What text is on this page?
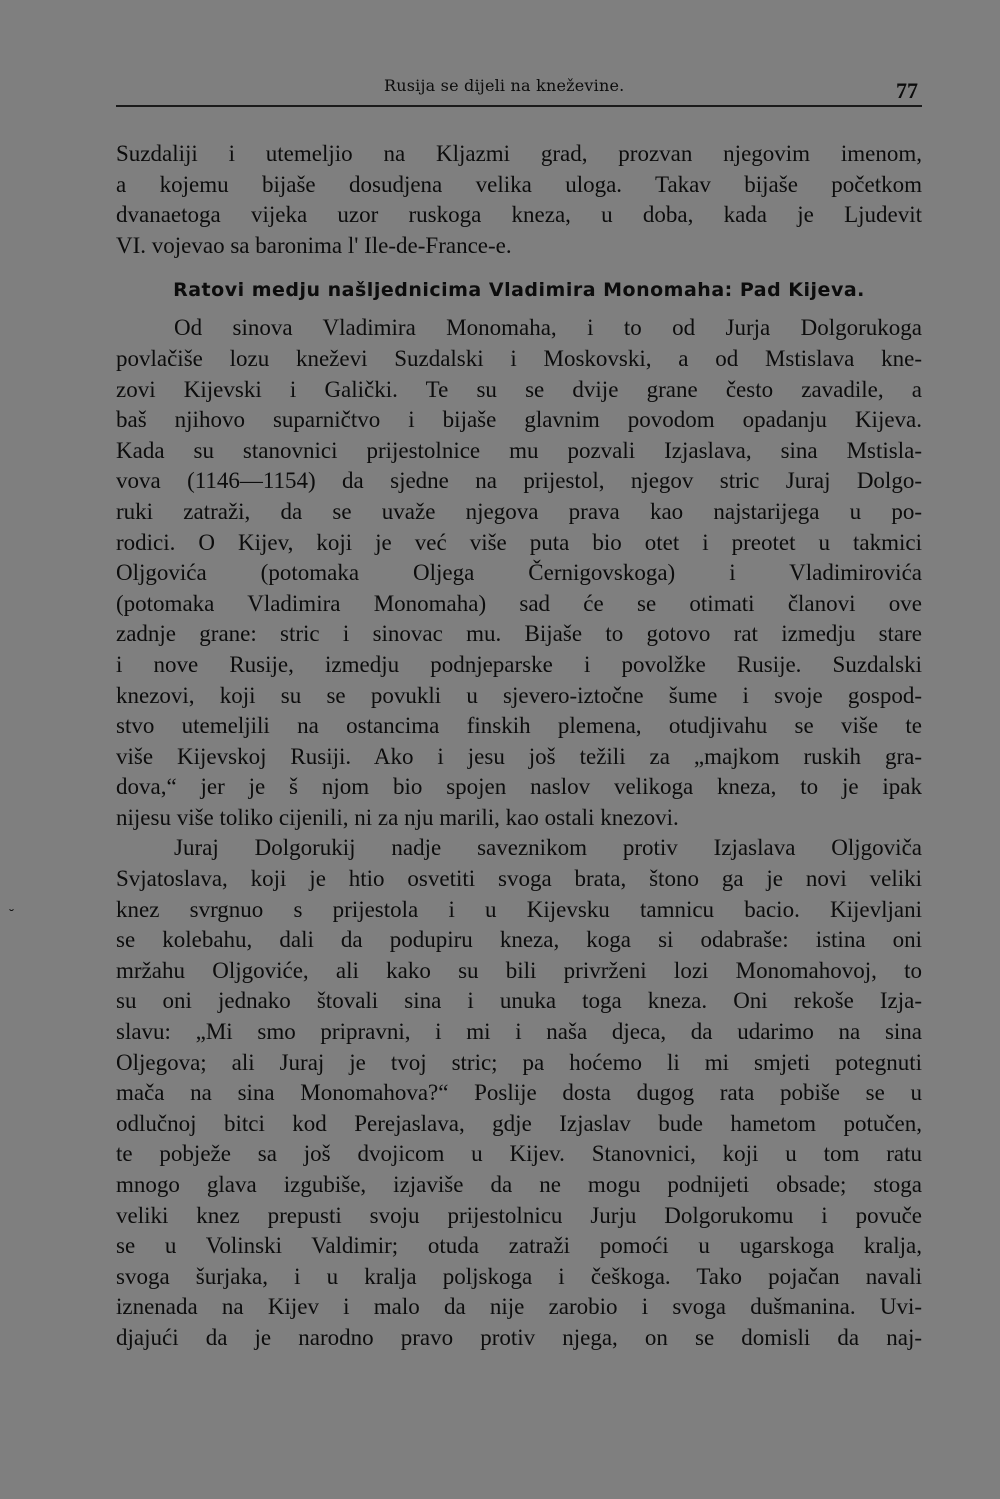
Rusija se dijeli na kneževine.	77
˘
Suzdaliji i utemeljio na Kljazmi grad, prozvan njegovim imenom,
a kojemu bijaše dosudjena velika uloga. Takav bijaše početkom
dvanaetoga vijeka uzor ruskoga kneza, u doba, kada je Ljudevit
VI. vojevao sa baronima l' Ile-de-France-e.
Ratovi medju našljednicima Vladimira Monomaha: Pad Kijeva.
Od sinova Vladimira Monomaha, i to od Jurja Dolgorukoga
povlačiše lozu kneževi Suzdalski i Moskovski, a od Mstislava kne-
zovi Kijevski i Galički. Te su se dvije grane često zavadile, a
baš njihovo suparničtvo i bijaše glavnim povodom opadanju Kijeva.
Kada su stanovnici prijestolnice mu pozvali Izjaslava, sina Mstisla-
vova (1146—1154) da sjedne na prijestol, njegov stric Juraj Dolgo-
ruki zatraži, da se uvaže njegova prava kao najstarijega u po-
rodici. O Kijev, koji je već više puta bio otet i preotet u takmici
Oljgovića (potomaka Oljega Černigovskoga) i Vladimirovića
(potomaka Vladimira Monomaha) sad će se otimati članovi ove
zadnje grane: stric i sinovac mu. Bijaše to gotovo rat izmedju stare
i nove Rusije, izmedju podnjeparske i povolžke Rusije. Suzdalski
knezovi, koji su se povukli u sjevero-iztočne šume i svoje gospod-
stvo utemeljili na ostancima finskih plemena, otudjivahu se više te
više Kijevskoj Rusiji. Ako i jesu još težili za „majkom ruskih gra-
dova,“ jer je š njom bio spojen naslov velikoga kneza, to je ipak
nijesu više toliko cijenili, ni za nju marili, kao ostali knezovi.
Juraj Dolgorukij nadje saveznikom protiv Izjaslava Oljgoviča
Svjatoslava, koji je htio osvetiti svoga brata, štono ga je novi veliki
knez svrgnuo s prijestola i u Kijevsku tamnicu bacio. Kijevljani
se kolebahu, dali da podupiru kneza, koga si odabraše: istina oni
mržahu Oljgoviće, ali kako su bili privrženi lozi Monomahovoj, to
su oni jednako štovali sina i unuka toga kneza. Oni rekoše Izja-
slavu: „Mi smo pripravni, i mi i naša djeca, da udarimo na sina
Oljegova; ali Juraj je tvoj stric; pa hoćemo li mi smjeti potegnuti
mača na sina Monomahova?“ Poslije dosta dugog rata pobiše se u
odlučnoj bitci kod Perejaslava, gdje Izjaslav bude hametom potučen,
te pobježe sa još dvojicom u Kijev. Stanovnici, koji u tom ratu
mnogo glava izgubiše, izjaviše da ne mogu podnijeti obsade; stoga
veliki knez prepusti svoju prijestolnicu Jurju Dolgorukomu i povuče
se u Volinski Valdimir; otuda zatraži pomoći u ugarskoga kralja,
svoga šurjaka, i u kralja poljskoga i češkoga. Tako pojačan navali
iznenada na Kijev i malo da nije zarobio i svoga dušmanina. Uvi-
djajući da je narodno pravo protiv njega, on se domisli da naj-
